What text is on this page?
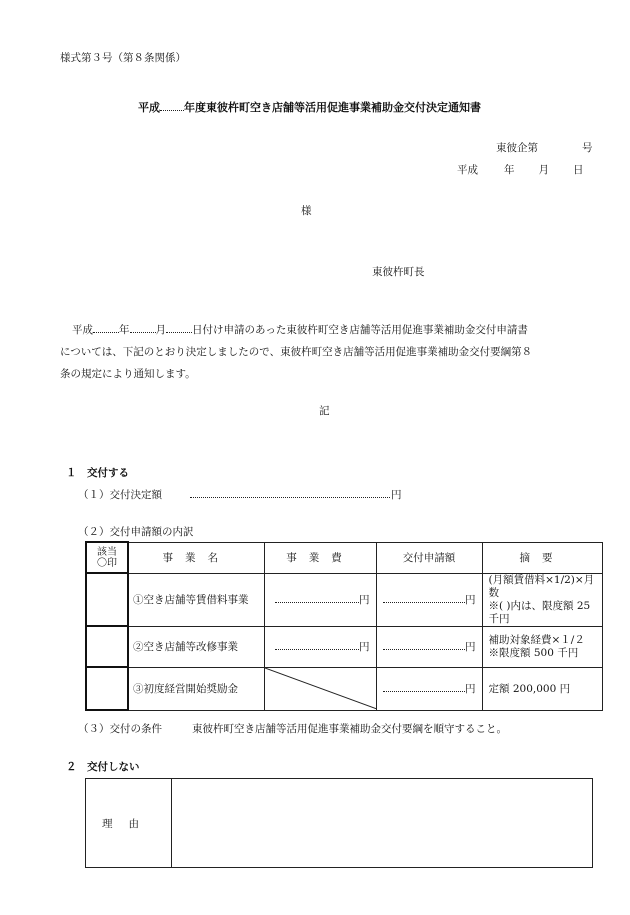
様式第３号（第８条関係）
平成 年度東彼杵町空き店舗等活用促進事業補助金交付決定通知書
東彼企第	号
平成 年 月 日
様
東彼杵町長
平成 年 月 日付け申請のあった東彼杵町空き店舗等活用促進事業補助金交付申請書
については、下記のとおり決定しましたので、東彼杵町空き店舗等活用促進事業補助金交付要綱第８
条の規定により通知します。
記
１　交付する
（１）交付決定額	円
（２）交付申請額の内訳
該当
〇印	事業名	事業費	交付申請額	摘要
	①空き店舗等賃借料事業	円	円	(月額賃借料×1/2)×月数
※( )内は、限度額 25 千円

	②空き店舗等改修事業	円	円	補助対象経費×１/２
※限度額 500 千円

	③初度経営開始奨励金		円	定額 200,000 円
（３）交付の条件	東彼杵町空き店舗等活用促進事業補助金交付要綱を順守すること。
２　交付しない
理由
